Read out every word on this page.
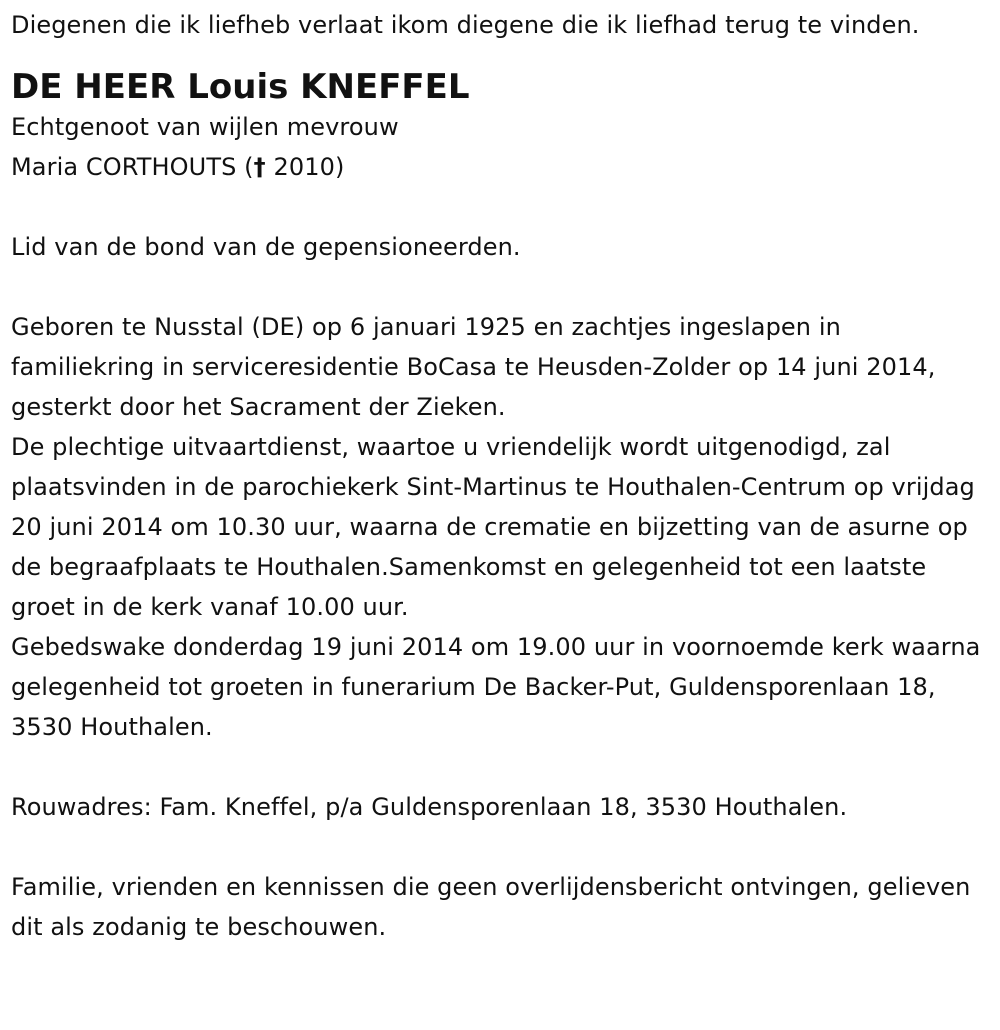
Diegenen die ik liefheb verlaat ikom diegene die ik liefhad terug te vinden.

DE HEER Louis KNEFFEL

Echtgenoot van wijlen mevrouw

Maria CORTHOUTS († 2010)

Lid van de bond van de gepensioneerden.

Geboren te Nusstal (DE) op 6 januari 1925 en zachtjes ingeslapen in familiekring in serviceresidentie BoCasa te Heusden-Zolder op 14 juni 2014, gesterkt door het Sacrament der Zieken.

De plechtige uitvaartdienst, waartoe u vriendelijk wordt uitgenodigd, zal plaatsvinden in de parochiekerk Sint-Martinus te Houthalen-Centrum op vrijdag 20 juni 2014 om 10.30 uur, waarna de crematie en bijzetting van de asurne op de begraafplaats te Houthalen.Samenkomst en gelegenheid tot een laatste groet in de kerk vanaf 10.00 uur.

Gebedswake donderdag 19 juni 2014 om 19.00 uur in voornoemde kerk waarna gelegenheid tot groeten in funerarium De Backer-Put, Guldensporenlaan 18, 3530 Houthalen.

Rouwadres: Fam. Kneffel, p/a Guldensporenlaan 18, 3530 Houthalen.

Familie, vrienden en kennissen die geen overlijdensbericht ontvingen, gelieven dit als zodanig te beschouwen.
